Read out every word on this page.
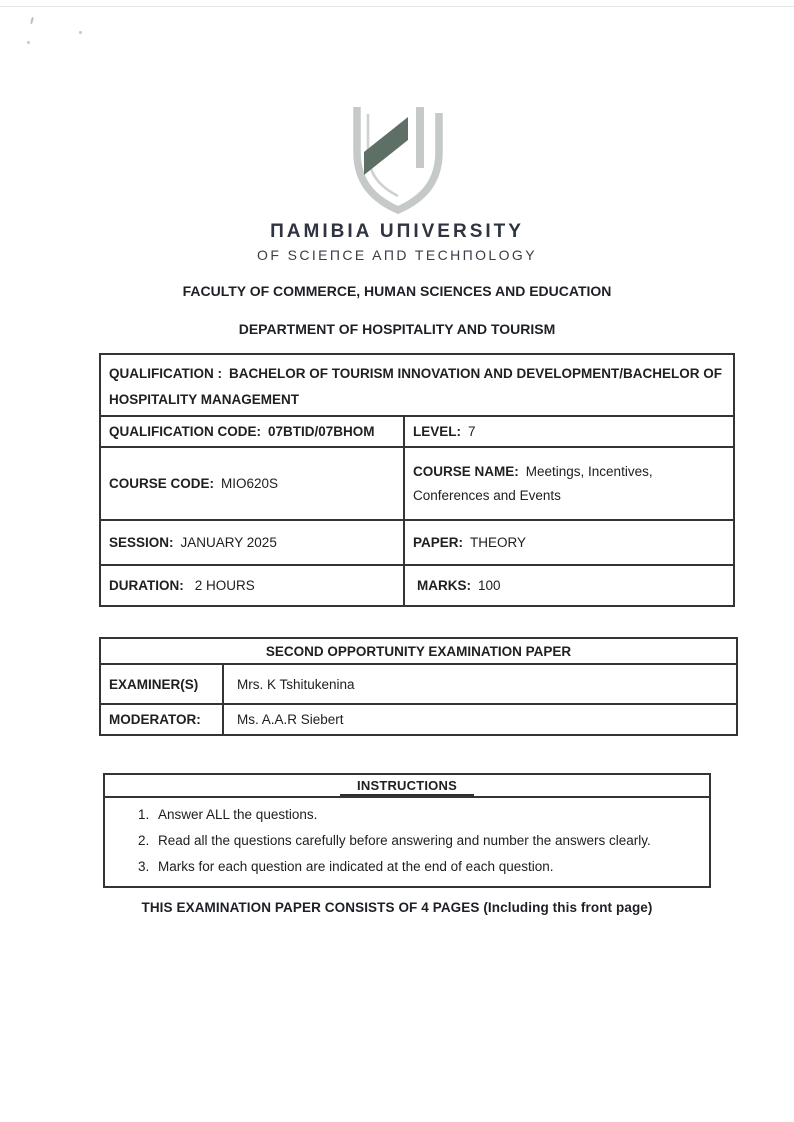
ΠAMIBIA UΠIVERSITY
OF SCIEΠCE AΠD TECHΠOLOGY
FACULTY OF COMMERCE, HUMAN SCIENCES AND EDUCATION
DEPARTMENT OF HOSPITALITY AND TOURISM
QUALIFICATION : BACHELOR OF TOURISM INNOVATION AND DEVELOPMENT/BACHELOR OF HOSPITALITY MANAGEMENT	
QUALIFICATION CODE: 07BTID/07BHOM	LEVEL: 7
COURSE CODE: MIO620S	COURSE NAME: Meetings, Incentives, Conferences and Events
SESSION: JANUARY 2025	PAPER: THEORY
DURATION: 2 HOURS	MARKS: 100
SECOND OPPORTUNITY EXAMINATION PAPER	
EXAMINER(S)	Mrs. K Tshitukenina
MODERATOR:	Ms. A.A.R Siebert
INSTRUCTIONS
1. Answer ALL the questions.
2. Read all the questions carefully before answering and number the answers clearly.
3. Marks for each question are indicated at the end of each question.
THIS EXAMINATION PAPER CONSISTS OF 4 PAGES (Including this front page)
